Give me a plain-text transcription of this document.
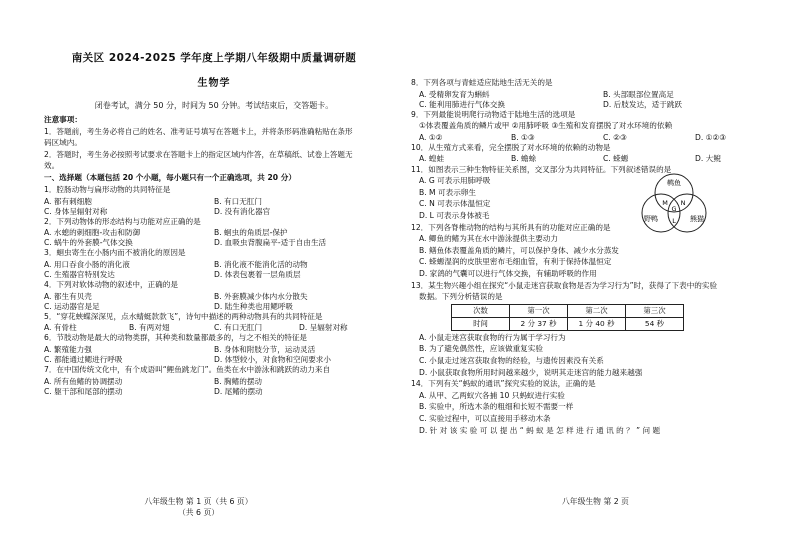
南关区 2024-2025 学年度上学期八年级期中质量调研题
生物学
闭卷考试，满分 50 分，时间为 50 分钟。考试结束后，交答题卡。
注意事项：
1．答题前，考生务必将自己的姓名、准考证号填写在答题卡上，并将条形码准确粘贴在条形
码区域内。
2．答题时，考生务必按照考试要求在答题卡上的指定区域内作答，在草稿纸、试卷上答题无
效。
一、选择题（本题包括 20 个小题，每小题只有一个正确选项，共 20 分）
1．腔肠动物与扁形动物的共同特征是
A. 都有刺细胞	B. 有口无肛门
C. 身体呈辐射对称	D. 没有消化器官
2．下列动物体的形态结构与功能对应正确的是
A. 水螅的刺细胞-攻击和防御	B. 蛔虫的角质层-保护
C. 蜗牛的外套膜-气体交换	D. 血吸虫背腹扁平-适于自由生活
3．蛔虫寄生在小肠内而不被消化的原因是
A. 用口吞食小肠的消化液	B. 消化液不能消化活的动物
C. 生殖器官特别发达	D. 体表包裹着一层角质层
4．下列对软体动物的叙述中，正确的是
A. 都生有贝壳	B. 外套膜减少体内水分散失
C. 运动器官是足	D. 陆生种类也用鳃呼吸
5．“穿花蛱蝶深深见，点水蜻蜓款款飞”，诗句中描述的两种动物具有的共同特征是
A. 有骨柱	B. 有两对翅	C. 有口无肛门	D. 呈辐射对称
6．节肢动物是最大的动物类群，其种类和数量都最多的，与之不相关的特征是
A. 繁殖能力强	B. 身体和附肢分节，运动灵活
C. 都能通过鳃进行呼吸	D. 体型较小，对食物和空间要求小
7．在中国传统文化中，有个成语叫“鲤鱼跳龙门”。鱼类在水中游泳和跳跃的动力来自
A. 所有鱼鳍的协调摆动	B. 胸鳍的摆动
C. 躯干部和尾部的摆动	D. 尾鳍的摆动
八年级生物 第 1 页（共 6 页）
（共 6 页）
8．下列各项与青蛙适应陆地生活无关的是
A. 受精卵发育为蝌蚪	B. 头部眼部位置高足
C. 能利用肺进行气体交换	D. 后肢发达，适于跳跃
9．下列最能说明爬行动物适于陆地生活的选项是
①体表覆盖角质的鳞片或甲 ②用肺呼吸 ③生殖和发育摆脱了对水环境的依赖
A. ①②	B. ①③	C. ②③	D. ①②③
10．从生殖方式来看，完全摆脱了对水环境的依赖的动物是
A. 蝗蛙	B. 蟾蜍	C. 蝾螈	D. 大鲵
11．如图表示三种生物特征关系图，交叉部分为共同特征。下列叙述错误的是
A. G 可表示用肺呼吸
B. M 可表示卵生
C. N 可表示体温恒定
D. L 可表示身体被毛
鹌鱼
野鸭	熊猫
M
G
N
L
12．下列各脊椎动物的结构与其所具有的功能对应正确的是
A. 鲫鱼的鳍为其在水中游泳提供主要动力
B. 鳝鱼体表覆盖角质的鳞片，可以保护身体、减少水分蒸发
C. 蝾螈湿润的皮肤里密布毛细血管，有利于保持体温恒定
D. 家鸽的气囊可以进行气体交换，有辅助呼吸的作用
13．某生物兴趣小组在探究“小鼠走迷宫获取食物是否为学习行为”时，获得了下表中的实验
数据。下列分析错误的是
次数	第一次	第二次	第三次
时间	2 分 37 秒	1 分 40 秒	54 秒
A. 小鼠走迷宫获取食物的行为属于学习行为
B. 为了避免偶然性，应该做重复实验
C. 小鼠走过迷宫获取食物的经验，与遗传因素没有关系
D. 小鼠获取食物所用时间越来越少，说明其走迷宫的能力越来越强
14．下列有关“蚂蚁的通讯”探究实验的说法，正确的是
A. 从甲、乙两蚁穴各捕 10 只蚂蚁进行实验
B. 实验中，所选木条的粗细和长短不需要一样
C. 实验过程中，可以直接用手移动木条
D. 针 对 该 实 验 可 以 提 出 “ 蚂 蚁 是 怎 样 进 行 通 讯 的 ？ ” 问 题
八年级生物 第 2 页
